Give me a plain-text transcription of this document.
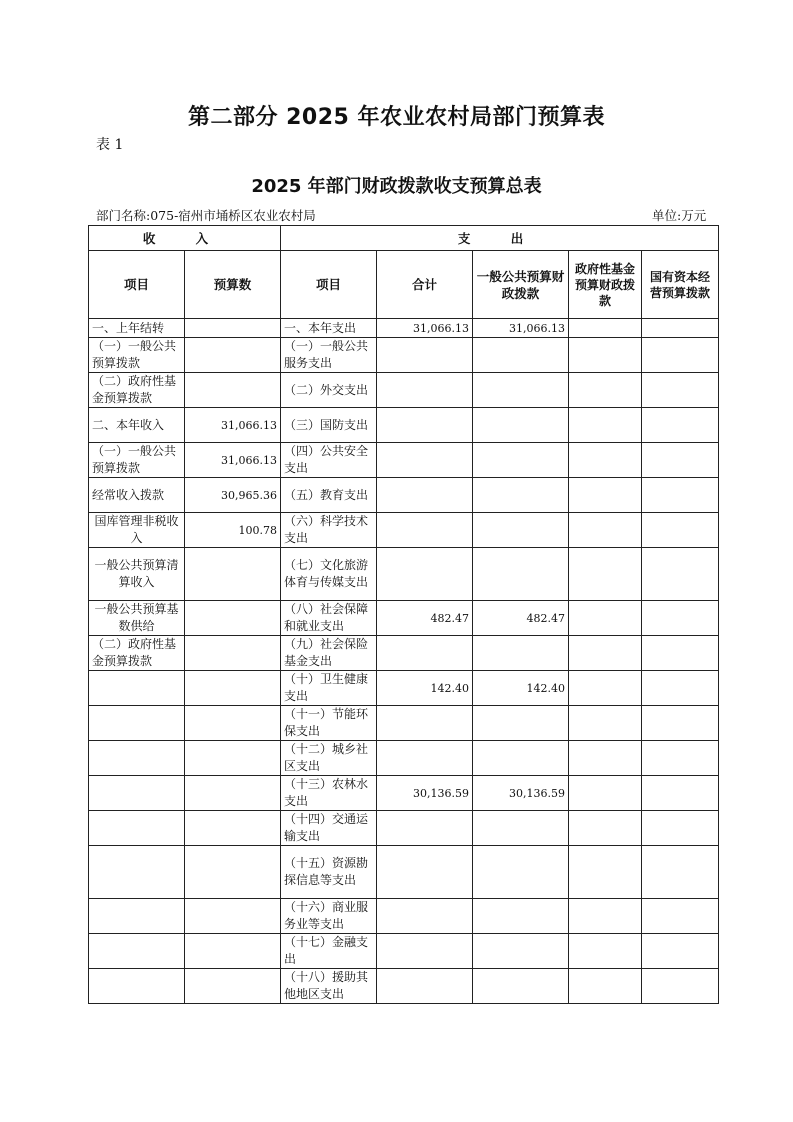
第二部分 2025 年农业农村局部门预算表
表 1
2025 年部门财政拨款收支预算总表
部门名称:075-宿州市埇桥区农业农村局	单位:万元
收 入		支 出				
项目	预算数	项目	合计	一般公共预算财政拨款	政府性基金预算财政拨款	国有资本经营预算拨款
一、上年结转		一、本年支出	31,066.13	31,066.13		
（一）一般公共预算拨款		（一）一般公共服务支出				
（二）政府性基金预算拨款		（二）外交支出				
二、本年收入	31,066.13	（三）国防支出				
（一）一般公共预算拨款	31,066.13	（四）公共安全支出				
经常收入拨款	30,965.36	（五）教育支出				
国库管理非税收入	100.78	（六）科学技术支出				
一般公共预算清算收入		（七）文化旅游体育与传媒支出				
一般公共预算基数供给		（八）社会保障和就业支出	482.47	482.47		
（二）政府性基金预算拨款		（九）社会保险基金支出				
		（十）卫生健康支出	142.40	142.40		
		（十一）节能环保支出				
		（十二）城乡社区支出				
		（十三）农林水支出	30,136.59	30,136.59		
		（十四）交通运输支出				
		（十五）资源勘探信息等支出				
		（十六）商业服务业等支出				
		（十七）金融支出				
		（十八）援助其他地区支出				
